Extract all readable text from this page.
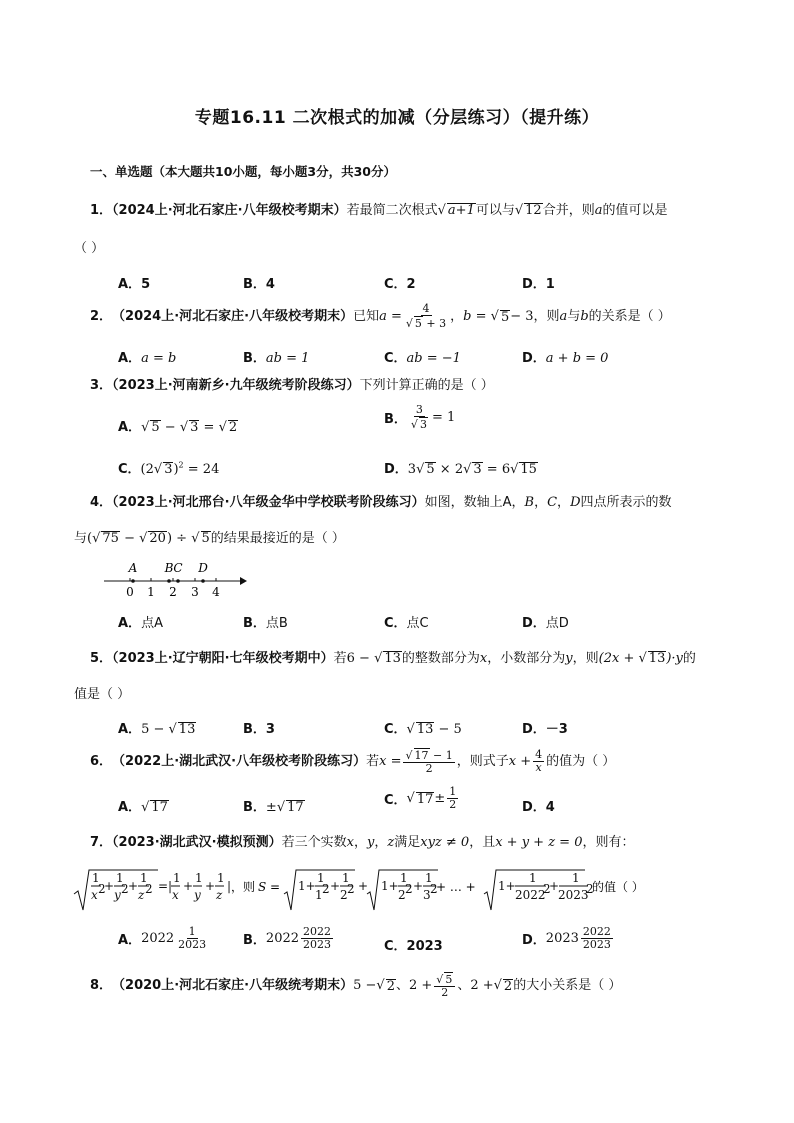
专题16.11 二次根式的加减（分层练习）（提升练）
一、单选题（本大题共10小题，每小题3分，共30分）
1．（2024上·河北石家庄·八年级校考期末）若最简二次根式√ a+1可以与√ 12合并，则a的值可以是
（ ）
A．5	B．4	C．2	D．1
2． （2024上·河北石家庄·八年级校考期末） 已知 $a = \frac{4}{√ 5 + 3}$ ， b =
√ 5 − 3 ，则 a 与 b 的关系是（ ）
A．a = b	B．ab = 1	C．ab = −1	D．a + b = 0
3．（2023上·河南新乡·九年级统考阶段练习）下列计算正确的是（ ）
A．√ 5 − √ 3 = √ 2
B． $\frac{3}{√ 3} = 1$
C．(2√ 3)$^2$ = 24	D．3√ 5 × 2√ 3 = 6√ 15
4．（2023上·河北邢台·八年级金华中学校联考阶段练习）如图，数轴上A，B，C，D四点所表示的数
与(√ 75 − √ 20) ÷ √ 5的结果最接近的是（ ）
0 1 2 3 4
A B C D
A．点A	B．点B	C．点C	D．点D
5．（2023上·辽宁朝阳·七年级校考期中）若6 − √ 13的整数部分为x，小数部分为y，则(2x + √ 13)·y的
值是（ ）
A．5 − √ 13	B．3	C．√ 13 − 5	D．－3
6． （2022上·湖北武汉·八年级校考阶段练习） 若 $x = \frac{√ 17 - 1}{2}$ ，则式子 $x + \frac{4}{x}$ 的值为（ ）
A．√ 17	B．±√ 17	C． √ $17 \pm \frac{1}{2}$	D．4
7．（2023·湖北武汉·模拟预测）若三个实数x，y，z满足xyz ≠ 0，且x + y + z = 0，则有：
1
x 2
+
1
y 2 +
1
z 2 =|
1
x
+
1
y
+
1
z
| ，则 S = 1+
1
1 2 +
1
2 2 + 1+
1
2 2 +
1
3 2
+ … + 1+
1
2022
2
+
1
2023
2
的值（ ）
A． $2022 \frac{1}{2023}$	B． $2022 \frac{2022}{2023}$	C．2023	D． $2023 \frac{2022}{2023}$
8． （2020上·河北石家庄·八年级统考期末） 5 − √ 2 、 $2 + \frac{√ 5}{2}$ 、 2 + √ 2 的大小关系是（ ）
